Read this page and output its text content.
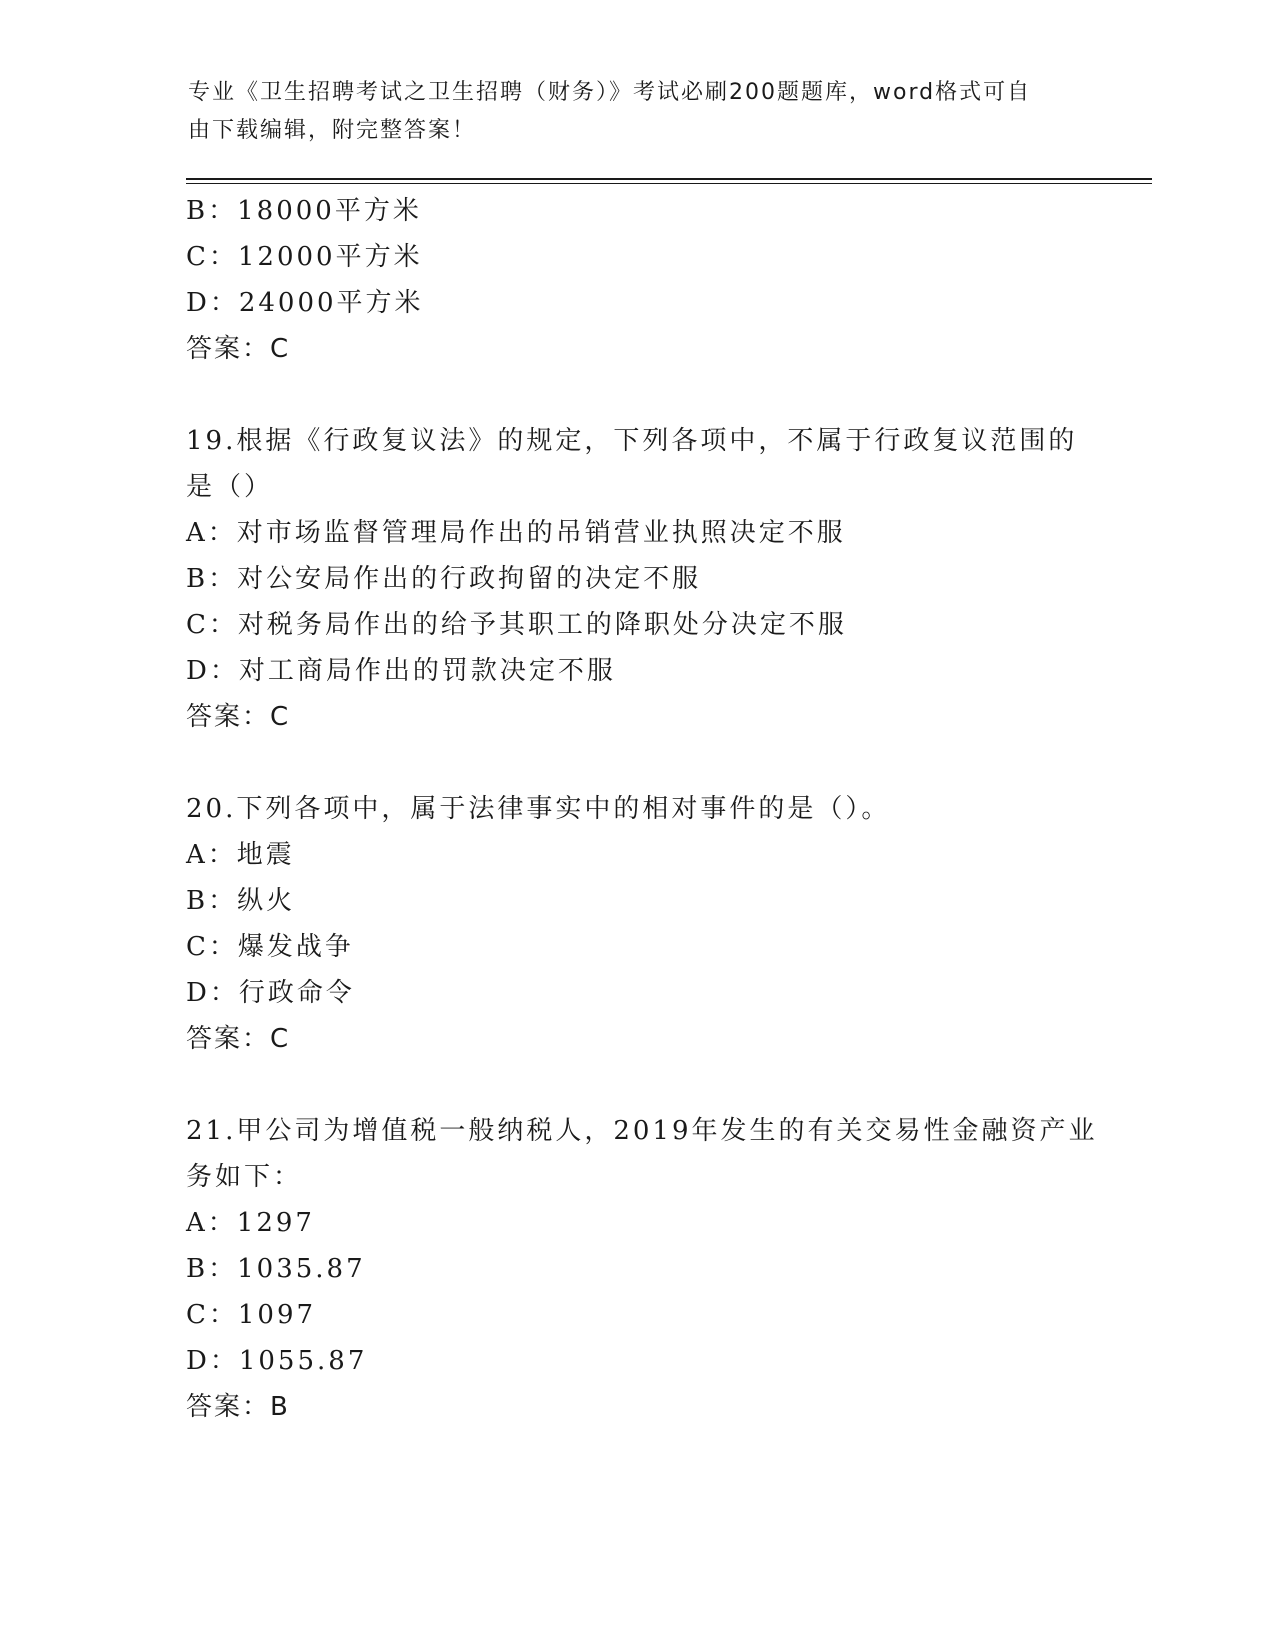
专业《卫生招聘考试之卫生招聘（财务）》考试必刷200题题库，word格式可自
由下载编辑，附完整答案！
B：18000平方米
C：12000平方米
D：24000平方米
答案：C
19.根据《行政复议法》的规定，下列各项中，不属于行政复议范围的
是（）
A：对市场监督管理局作出的吊销营业执照决定不服
B：对公安局作出的行政拘留的决定不服
C：对税务局作出的给予其职工的降职处分决定不服
D：对工商局作出的罚款决定不服
答案：C
20.下列各项中，属于法律事实中的相对事件的是（）。
A：地震
B：纵火
C：爆发战争
D：行政命令
答案：C
21.甲公司为增值税一般纳税人，2019年发生的有关交易性金融资产业
务如下：
A：1297
B：1035.87
C：1097
D：1055.87
答案：B
